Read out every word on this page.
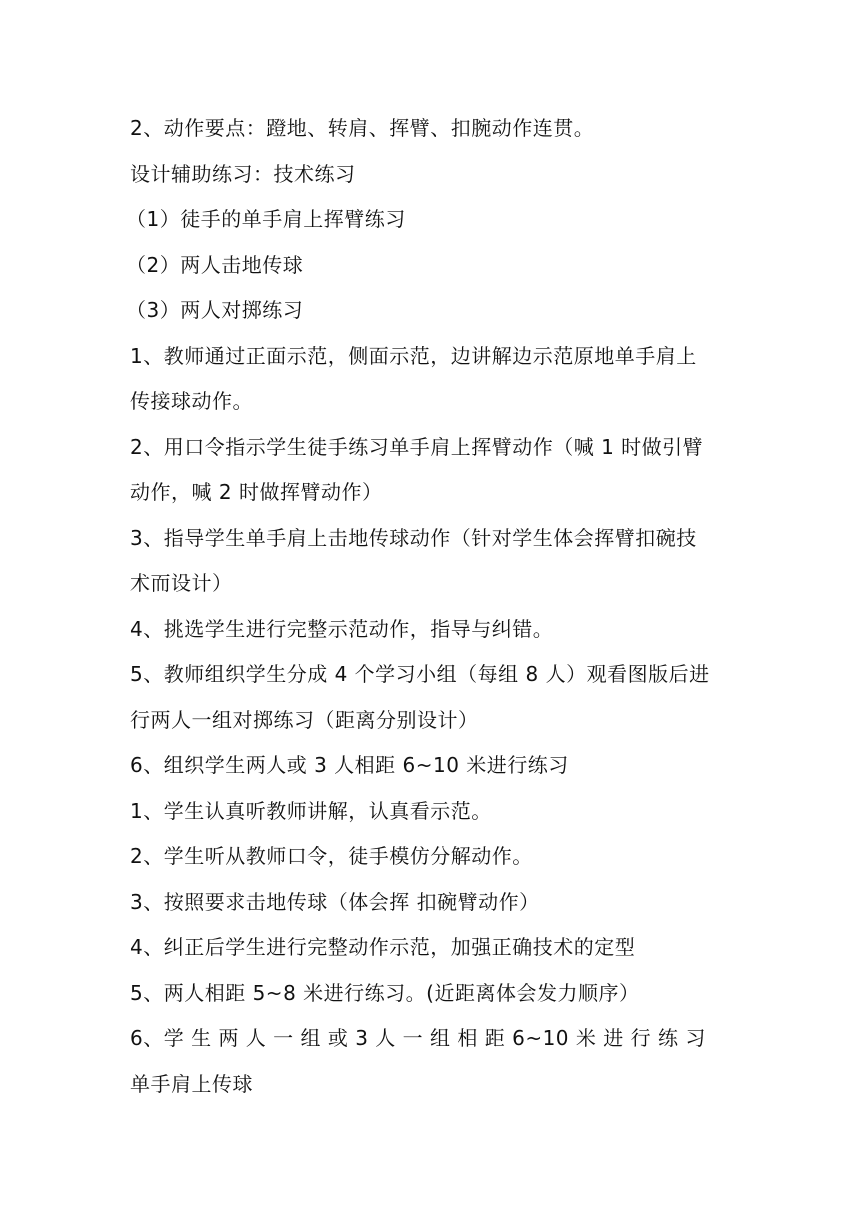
2、动作要点：蹬地、转肩、挥臂、扣腕动作连贯。
设计辅助练习：技术练习
（1）徒手的单手肩上挥臂练习
（2）两人击地传球
（3）两人对掷练习
1、教师通过正面示范，侧面示范，边讲解边示范原地单手肩上
传接球动作。
2、用口令指示学生徒手练习单手肩上挥臂动作（喊 1 时做引臂
动作，喊 2 时做挥臂动作）
3、指导学生单手肩上击地传球动作（针对学生体会挥臂扣碗技
术而设计）
4、挑选学生进行完整示范动作，指导与纠错。
5、教师组织学生分成 4 个学习小组（每组 8 人）观看图版后进
行两人一组对掷练习（距离分别设计）
6、组织学生两人或 3 人相距 6~10 米进行练习
1、学生认真听教师讲解，认真看示范。
2、学生听从教师口令，徒手模仿分解动作。
3、按照要求击地传球（体会挥 扣碗臂动作）
4、纠正后学生进行完整动作示范，加强正确技术的定型
5、两人相距 5~8 米进行练习。(近距离体会发力顺序）
6、学 生 两 人 一 组 或 3 人 一 组 相 距 6~10 米 进 行 练 习
单手肩上传球
